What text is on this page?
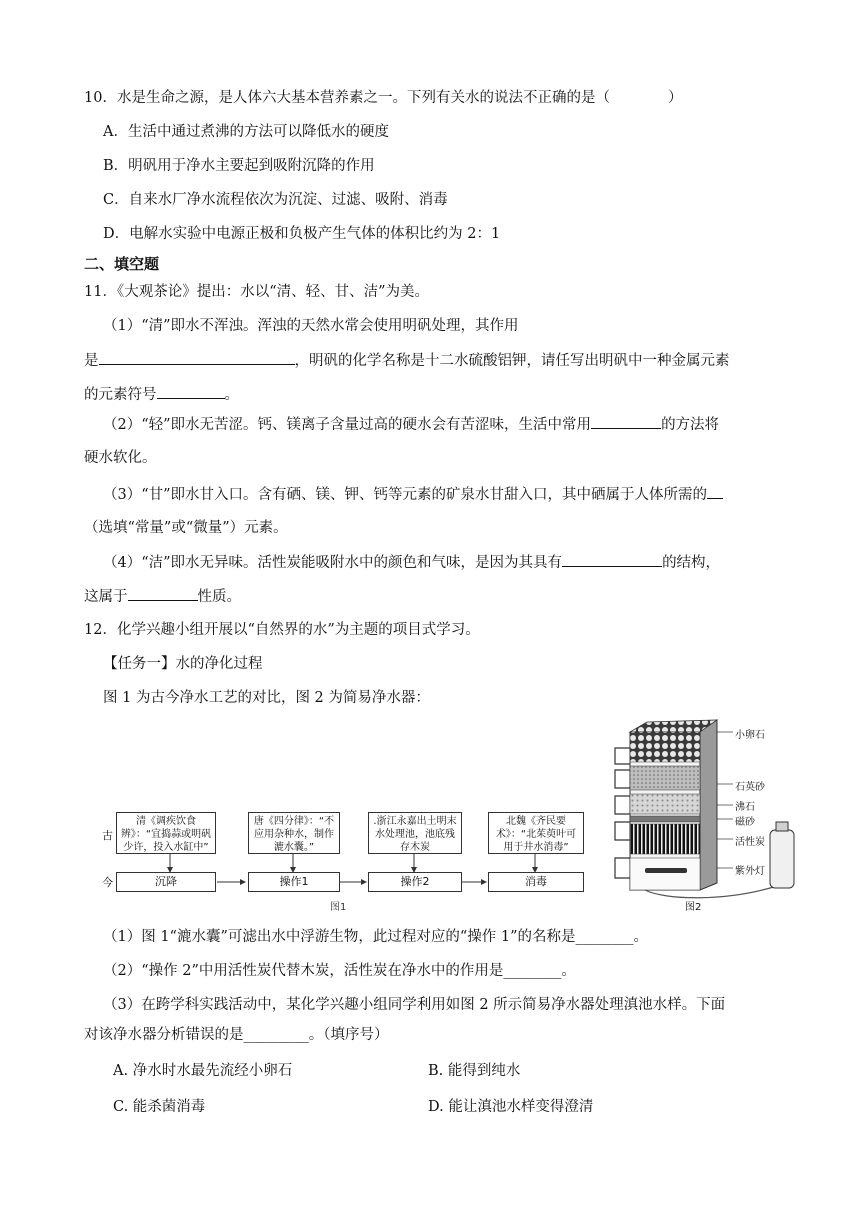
10．水是生命之源，是人体六大基本营养素之一。下列有关水的说法不正确的是（　　　　）
A．生活中通过煮沸的方法可以降低水的硬度
B．明矾用于净水主要起到吸附沉降的作用
C．自来水厂净水流程依次为沉淀、过滤、吸附、消毒
D．电解水实验中电源正极和负极产生气体的体积比约为 2：1
二、填空题
11．《大观茶论》提出：水以“清、轻、甘、洁”为美。
（1）“清”即水不浑浊。浑浊的天然水常会使用明矾处理，其作用
是	，明矾的化学名称是十二水硫酸铝钾，请任写出明矾中一种金属元素
的元素符号	。
（2）“轻”即水无苦涩。钙、镁离子含量过高的硬水会有苦涩味，生活中常用	的方法将
硬水软化。
（3）“甘”即水甘入口。含有硒、镁、钾、钙等元素的矿泉水甘甜入口，其中硒属于人体所需的
（选填“常量”或“微量”）元素。
（4）“洁”即水无异味。活性炭能吸附水中的颜色和气味，是因为其具有	的结构，
这属于	性质。
12．化学兴趣小组开展以“自然界的水”为主题的项目式学习。
【任务一】水的净化过程
图 1 为古今净水工艺的对比，图 2 为简易净水器：
古
今
清《调疾饮食辨》：“宜捣蒜或明矾少许，投入水缸中”
唐《四分律》：“不应用杂种水，制作漉水囊。”
.浙江永嘉出土明末水处理池，池底残存木炭
北魏《齐民要术》：“北茱萸叶可用于井水消毒”
沉降	操作1	操作2	消毒
图1
小卵石
石英砂
沸石
磁砂
活性炭
紫外灯
图2
（1）图 1“漉水囊”可滤出水中浮游生物，此过程对应的“操作 1”的名称是________。
（2）“操作 2”中用活性炭代替木炭，活性炭在净水中的作用是________。
（3）在跨学科实践活动中，某化学兴趣小组同学利用如图 2 所示简易净水器处理滇池水样。下面
对该净水器分析错误的是_________。（填序号）
A. 净水时水最先流经小卵石	B. 能得到纯水
C. 能杀菌消毒	D. 能让滇池水样变得澄清
